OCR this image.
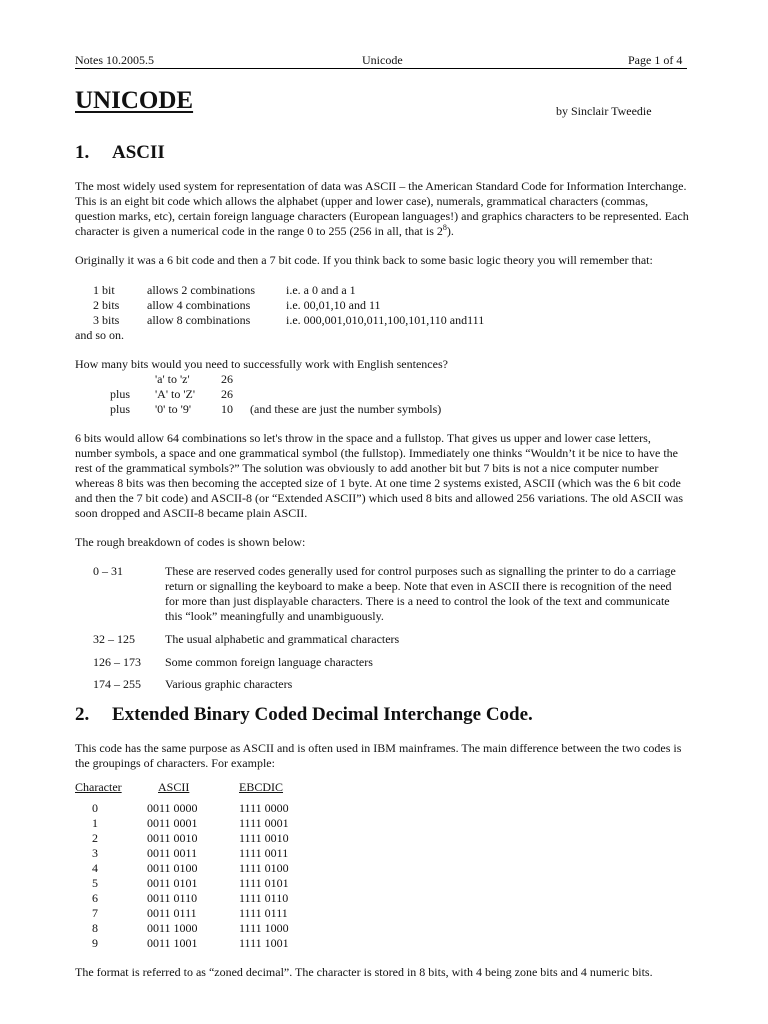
Notes 10.2005.5	Unicode	Page 1 of 4
UNICODE	by Sinclair Tweedie
1. ASCII
The most widely used system for representation of data was ASCII – the American Standard Code for Information Interchange. This is an eight bit code which allows the alphabet (upper and lower case), numerals, grammatical characters (commas, question marks, etc), certain foreign language characters (European languages!) and graphics characters to be represented. Each character is given a numerical code in the range 0 to 255 (256 in all, that is $2^8$).
Originally it was a 6 bit code and then a 7 bit code. If you think back to some basic logic theory you will remember that:
1 bit	allows 2 combinations	i.e. a 0 and a 1
2 bits allow 4 combinations	i.e. 00,01,10 and 11
3 bits allow 8 combinations	i.e. 000,001,010,011,100,101,110 and111
and so on.
How many bits would you need to successfully work with English sentences?
'a' to 'z'	26
plus 'A' to 'Z' 26
plus '0' to '9'	10 (and these are just the number symbols)
6 bits would allow 64 combinations so let's throw in the space and a fullstop. That gives us upper and lower case letters, number symbols, a space and one grammatical symbol (the fullstop). Immediately one thinks “Wouldn’t it be nice to have the rest of the grammatical symbols?” The solution was obviously to add another bit but 7 bits is not a nice computer number whereas 8 bits was then becoming the accepted size of 1 byte. At one time 2 systems existed, ASCII (which was the 6 bit code and then the 7 bit code) and ASCII-8 (or “Extended ASCII”) which used 8 bits and allowed 256 variations. The old ASCII was soon dropped and ASCII-8 became plain ASCII.
The rough breakdown of codes is shown below:
0 – 31	These are reserved codes generally used for control purposes such as signalling the printer to do a carriage return or signalling the keyboard to make a beep. Note that even in ASCII there is recognition of the need for more than just displayable characters. There is a need to control the look of the text and communicate this “look” meaningfully and unambiguously.
32 – 125	The usual alphabetic and grammatical characters
126 – 173 Some common foreign language characters
174 – 255 Various graphic characters
2. Extended Binary Coded Decimal Interchange Code.
This code has the same purpose as ASCII and is often used in IBM mainframes. The main difference between the two codes is the groupings of characters. For example:
Character	ASCII	EBCDIC
0	0011 0000	1111 0000
1	0011 0001	1111 0001
2	0011 0010	1111 0010
3	0011 0011	1111 0011
4	0011 0100	1111 0100
5	0011 0101	1111 0101
6	0011 0110	1111 0110
7	0011 0111	1111 0111
8	0011 1000	1111 1000
9	0011 1001	1111 1001
The format is referred to as “zoned decimal”. The character is stored in 8 bits, with 4 being zone bits and 4 numeric bits.
